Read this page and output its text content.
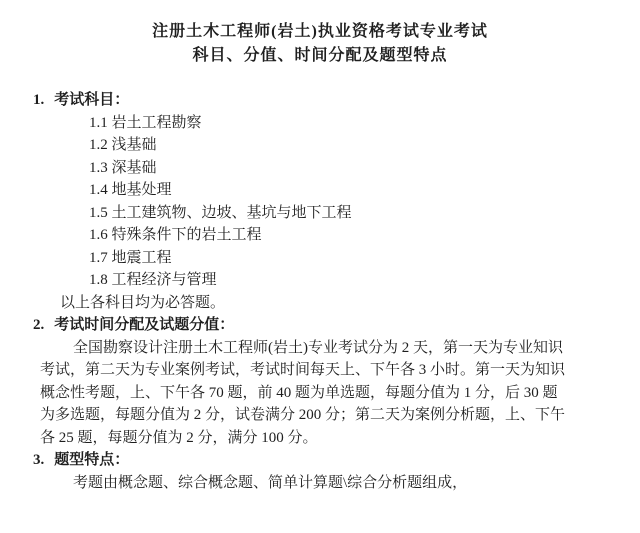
注册土木工程师(岩土)执业资格考试专业考试
科目、分值、时间分配及题型特点
1. 考试科目：
1.1 岩土工程勘察
1.2 浅基础
1.3 深基础
1.4 地基处理
1.5 土工建筑物、边坡、基坑与地下工程
1.6 特殊条件下的岩土工程
1.7 地震工程
1.8 工程经济与管理
以上各科目均为必答题。
2. 考试时间分配及试题分值：
全国勘察设计注册土木工程师(岩土)专业考试分为 2 天，第一天为专业知识
考试，第二天为专业案例考试，考试时间每天上、下午各 3 小时。第一天为知识
概念性考题，上、下午各 70 题，前 40 题为单选题，每题分值为 1 分，后 30 题
为多选题，每题分值为 2 分，试卷满分 200 分；第二天为案例分析题，上、下午
各 25 题，每题分值为 2 分，满分 100 分。
3. 题型特点：
考题由概念题、综合概念题、简单计算题\综合分析题组成，
